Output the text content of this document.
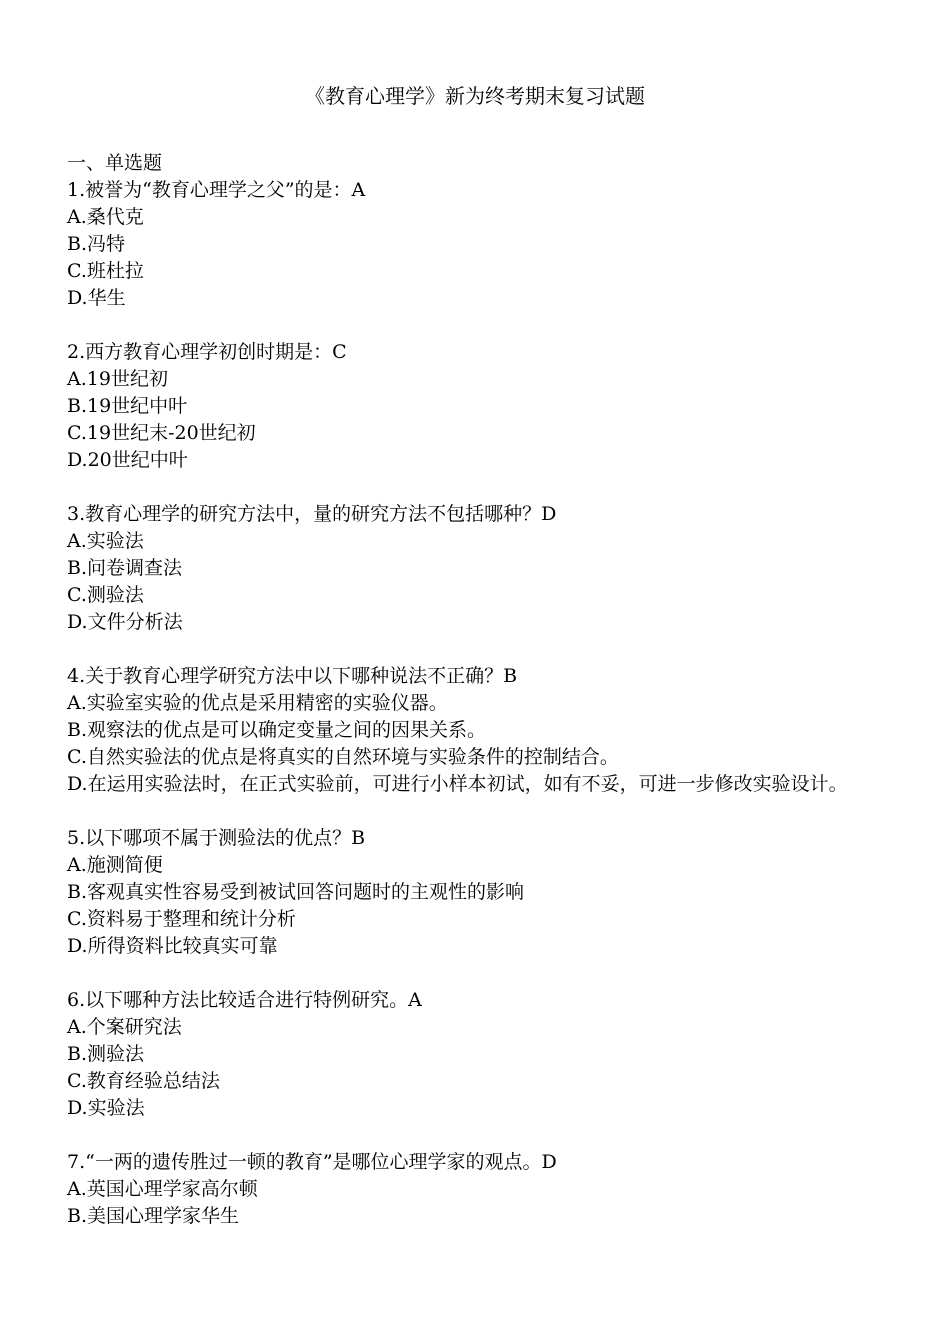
《教育心理学》新为终考期末复习试题

一、单选题

1.被誉为“教育心理学之父”的是：A

A.桑代克

B.冯特

C.班杜拉

D.华生

2.西方教育心理学初创时期是：C

A.19世纪初

B.19世纪中叶

C.19世纪末-20世纪初

D.20世纪中叶

3.教育心理学的研究方法中，量的研究方法不包括哪种？D

A.实验法

B.问卷调查法

C.测验法

D.文件分析法

4.关于教育心理学研究方法中以下哪种说法不正确？B

A.实验室实验的优点是采用精密的实验仪器。

B.观察法的优点是可以确定变量之间的因果关系。

C.自然实验法的优点是将真实的自然环境与实验条件的控制结合。

D.在运用实验法时，在正式实验前，可进行小样本初试，如有不妥，可进一步修改实验设计。

5.以下哪项不属于测验法的优点？B

A.施测简便

B.客观真实性容易受到被试回答问题时的主观性的影响

C.资料易于整理和统计分析

D.所得资料比较真实可靠

6.以下哪种方法比较适合进行特例研究。A

A.个案研究法

B.测验法

C.教育经验总结法

D.实验法

7.“一两的遗传胜过一顿的教育”是哪位心理学家的观点。D

A.英国心理学家高尔顿

B.美国心理学家华生
